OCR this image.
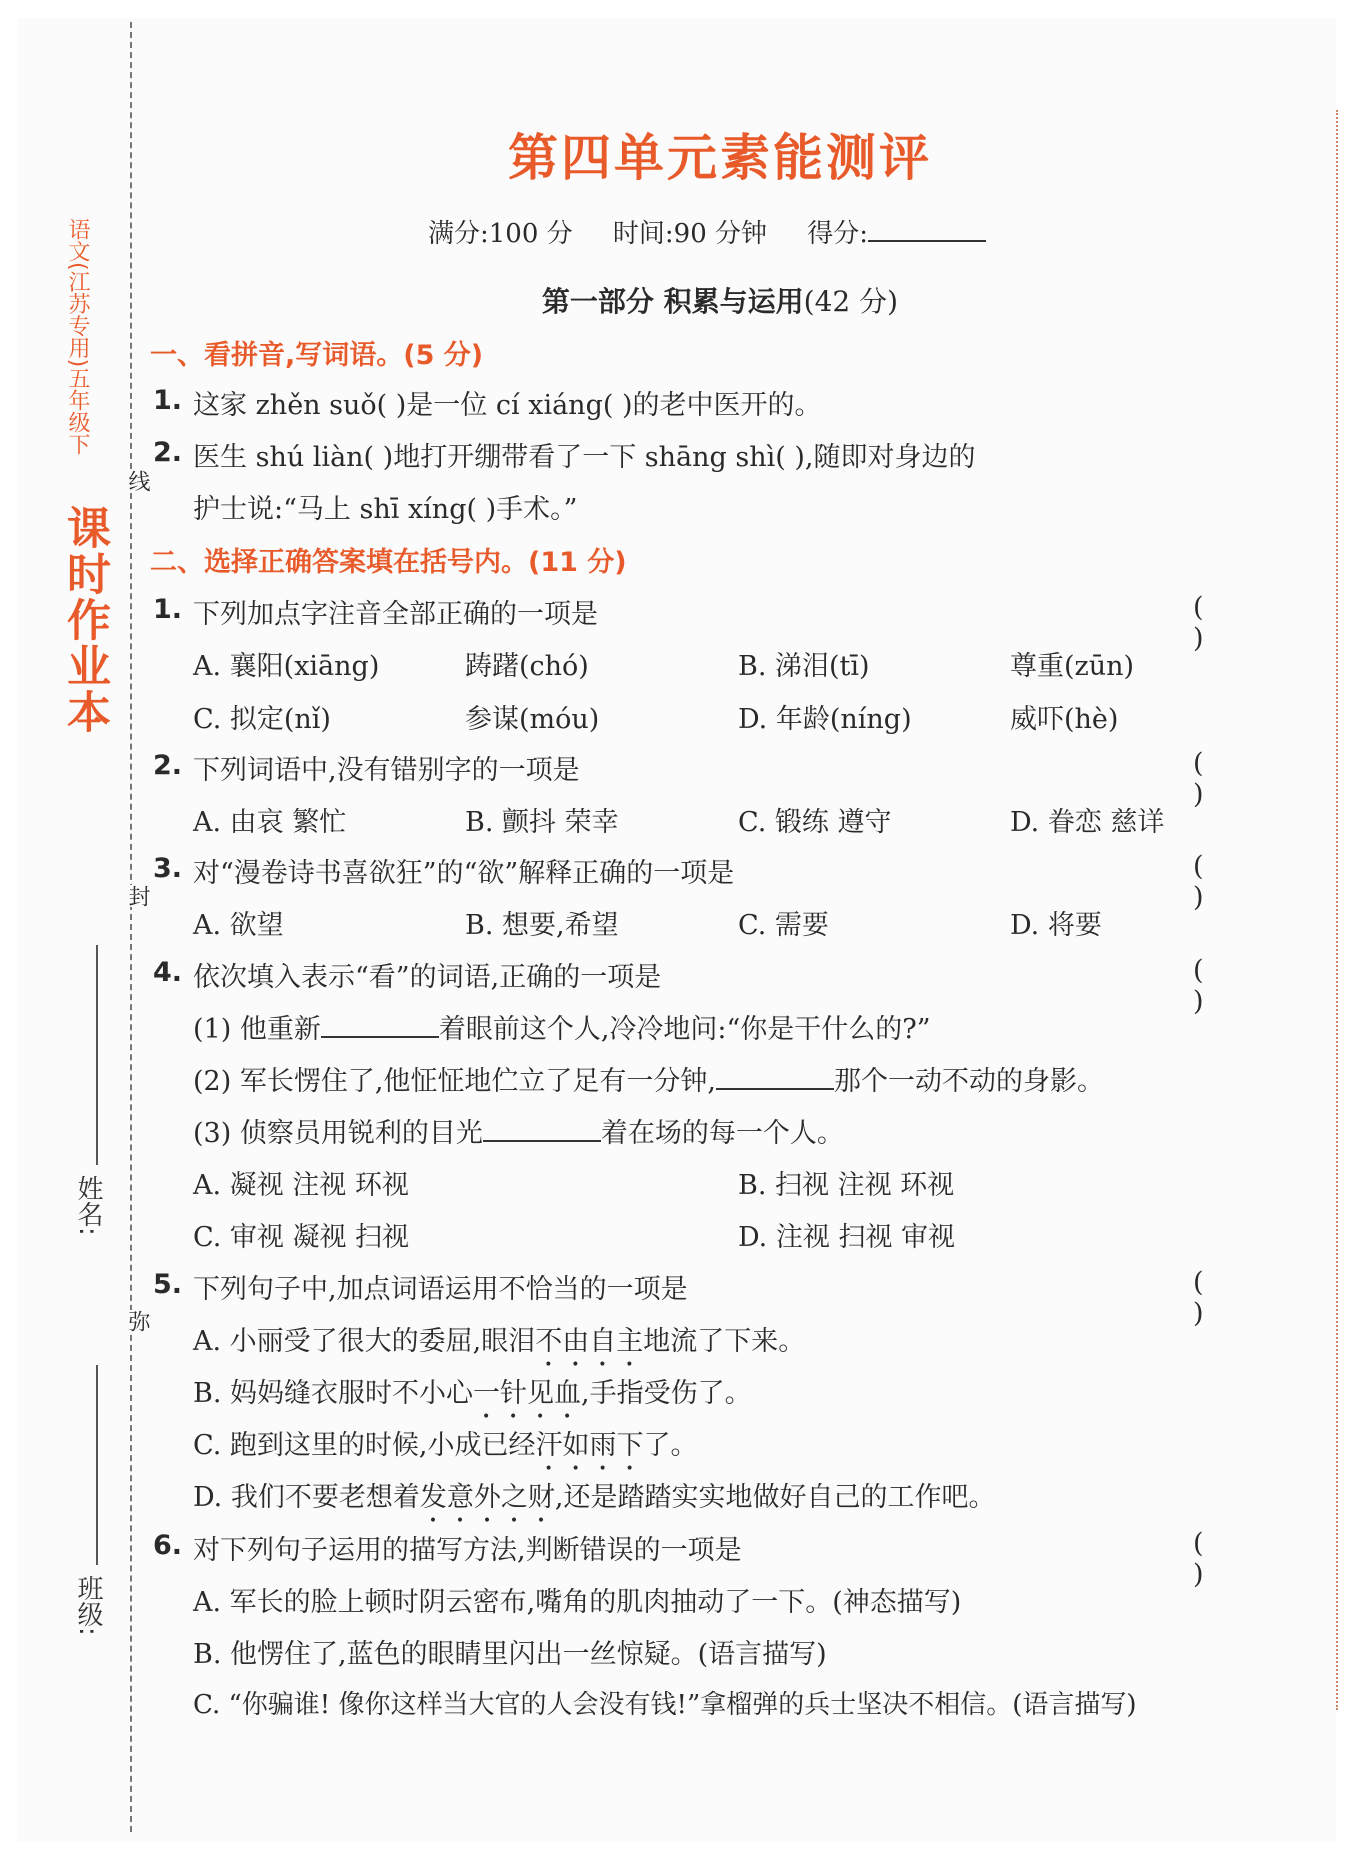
线
封
弥
课时作业本
语文(江苏专用)五年级下
姓名:
班级:
第四单元素能测评
满分:100 分 时间:90 分钟 得分:
第一部分 积累与运用(42 分)
一、看拼音,写词语。(5 分)
1. 这家 zhěn suǒ( )是一位 cí xiáng( )的老中医开的。
2. 医生 shú liàn( )地打开绷带看了一下 shāng shì( ),随即对身边的
护士说:“马上 shī xíng( )手术。”
二、选择正确答案填在括号内。(11 分)
1. 下列加点字注音全部正确的一项是	( )
A. 襄阳(xiāng)	踌躇(chó)	B. 涕泪(tī)	尊重(zūn)
C. 拟定(nǐ)	参谋(móu)	D. 年龄(níng)	威吓(hè)
2. 下列词语中,没有错别字的一项是	( )
A. 由哀 繁忙	B. 颤抖 荣幸	C. 锻练 遵守	D. 眷恋 慈详
3. 对“漫卷诗书喜欲狂”的“欲”解释正确的一项是	( )
A. 欲望	B. 想要,希望	C. 需要	D. 将要
4. 依次填入表示“看”的词语,正确的一项是	( )
(1) 他重新	着眼前这个人,冷冷地问:“你是干什么的?”
(2) 军长愣住了,他怔怔地伫立了足有一分钟,	那个一动不动的身影。
(3) 侦察员用锐利的目光	着在场的每一个人。
A. 凝视 注视 环视	B. 扫视 注视 环视
C. 审视 凝视 扫视	D. 注视 扫视 审视
5. 下列句子中,加点词语运用不恰当的一项是	( )
A. 小丽受了很大的委屈,眼泪不由自主地流了下来。
B. 妈妈缝衣服时不小心一针见血,手指受伤了。
C. 跑到这里的时候,小成已经汗如雨下了。
D. 我们不要老想着发意外之财,还是踏踏实实地做好自己的工作吧。
6. 对下列句子运用的描写方法,判断错误的一项是	( )
A. 军长的脸上顿时阴云密布,嘴角的肌肉抽动了一下。(神态描写)
B. 他愣住了,蓝色的眼睛里闪出一丝惊疑。(语言描写)
C. “你骗谁! 像你这样当大官的人会没有钱!”拿榴弹的兵士坚决不相信。(语言描写)
